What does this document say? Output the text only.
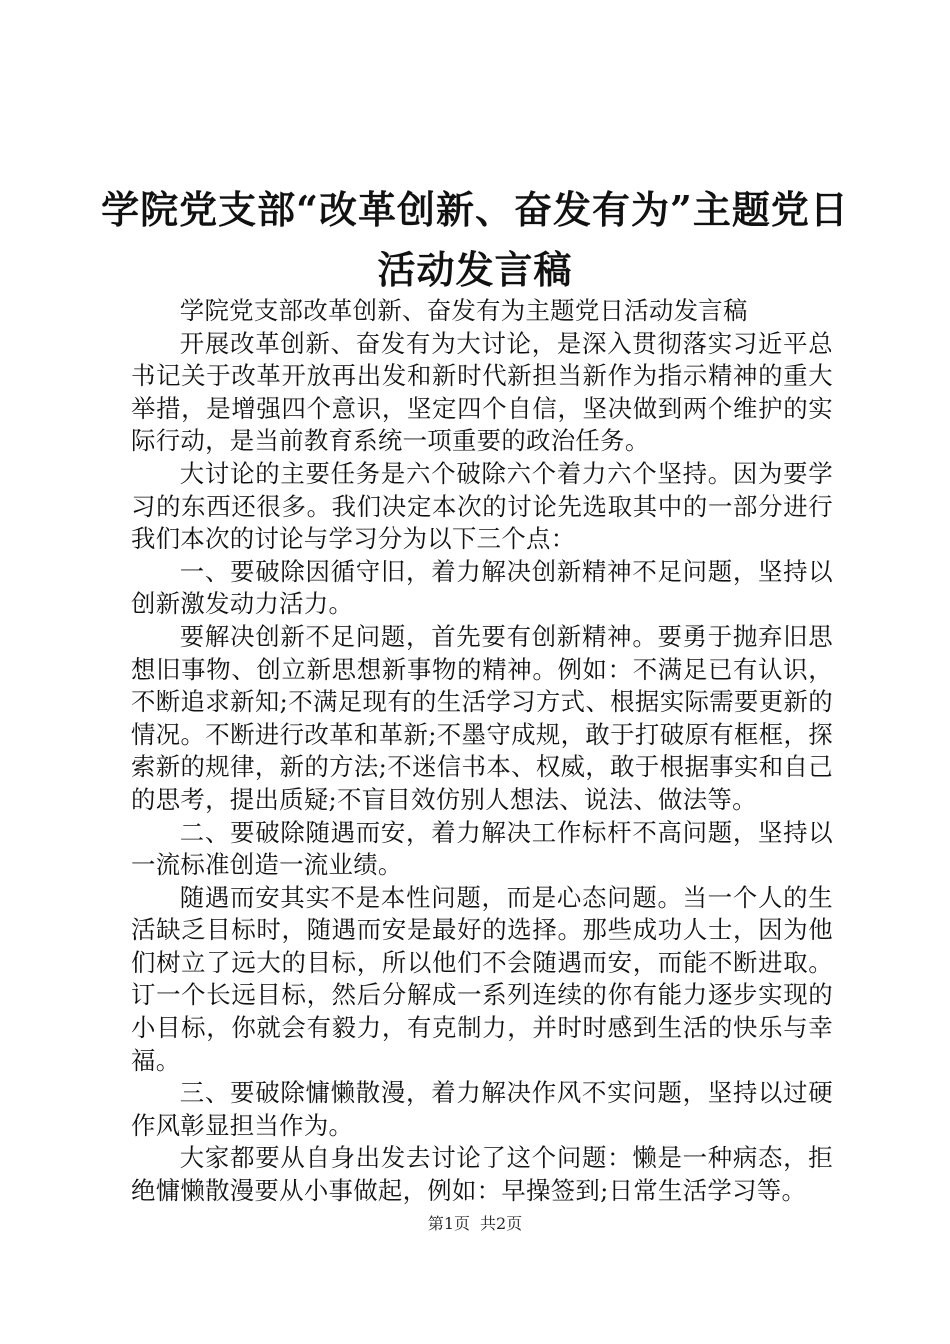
学院党支部“改革创新、奋发有为”主题党日
活动发言稿

学院党支部改革创新、奋发有为主题党日活动发言稿

开展改革创新、奋发有为大讨论，是深入贯彻落实习近平总书记关于改革开放再出发和新时代新担当新作为指示精神的重大举措，是增强四个意识，坚定四个自信，坚决做到两个维护的实际行动，是当前教育系统一项重要的政治任务。

大讨论的主要任务是六个破除六个着力六个坚持。因为要学习的东西还很多。我们决定本次的讨论先选取其中的一部分进行我们本次的讨论与学习分为以下三个点：

一、要破除因循守旧，着力解决创新精神不足问题，坚持以创新激发动力活力。

要解决创新不足问题，首先要有创新精神。要勇于抛弃旧思想旧事物、创立新思想新事物的精神。例如：不满足已有认识，不断追求新知;不满足现有的生活学习方式、根据实际需要更新的情况。不断进行改革和革新;不墨守成规，敢于打破原有框框，探索新的规律，新的方法;不迷信书本、权威，敢于根据事实和自己的思考，提出质疑;不盲目效仿别人想法、说法、做法等。

二、要破除随遇而安，着力解决工作标杆不高问题，坚持以一流标准创造一流业绩。

随遇而安其实不是本性问题，而是心态问题。当一个人的生活缺乏目标时，随遇而安是最好的选择。那些成功人士，因为他们树立了远大的目标，所以他们不会随遇而安，而能不断进取。订一个长远目标，然后分解成一系列连续的你有能力逐步实现的小目标，你就会有毅力，有克制力，并时时感到生活的快乐与幸福。

三、要破除慵懒散漫，着力解决作风不实问题，坚持以过硬作风彰显担当作为。

大家都要从自身出发去讨论了这个问题：懒是一种病态，拒绝慵懒散漫要从小事做起，例如：早操签到;日常生活学习等。

第1页 共2页
